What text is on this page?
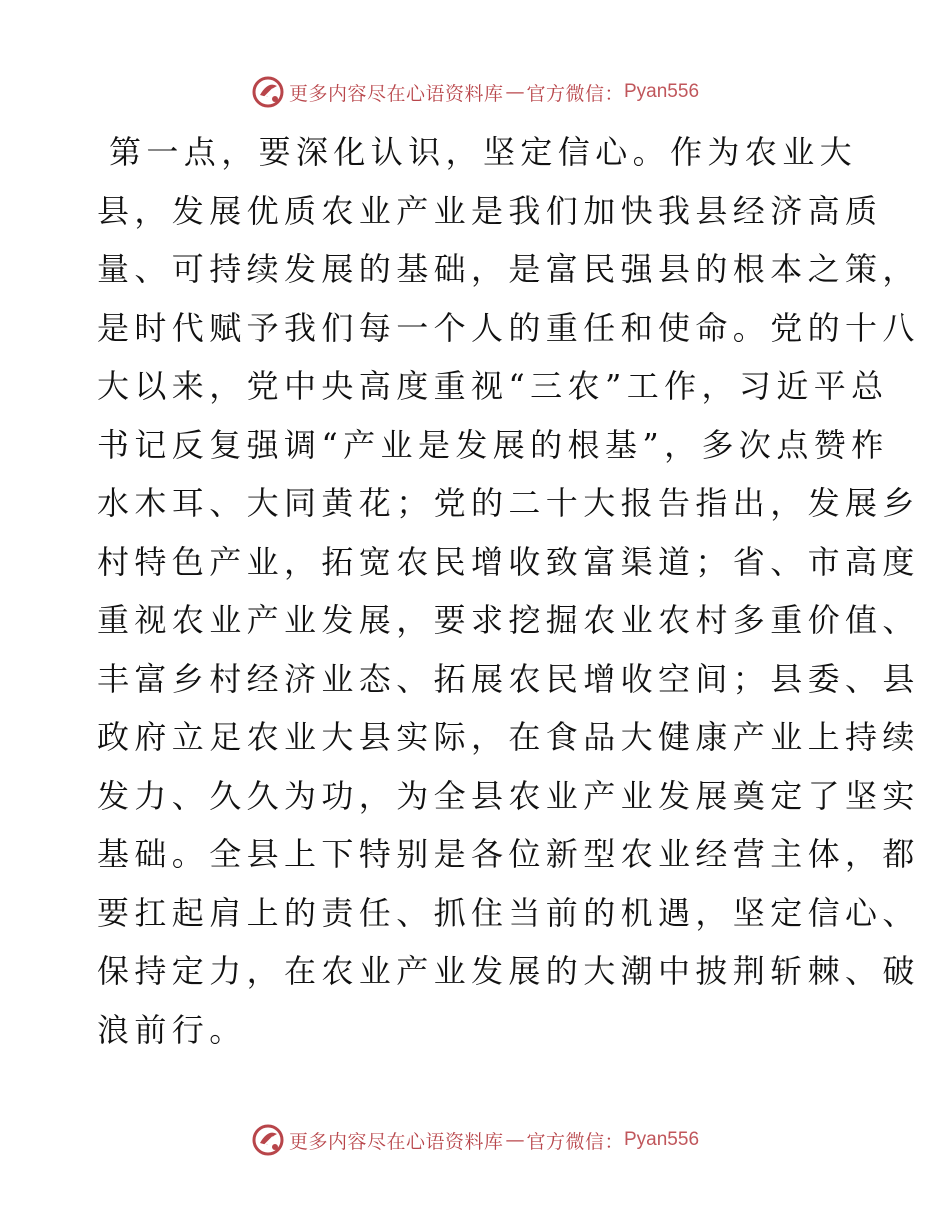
更多内容尽在心语资料库 — 官方微信： Pyan556
第一点，要深化认识，坚定信心。作为农业大
县，发展优质农业产业是我们加快我县经济高质
量、可持续发展的基础，是富民强县的根本之策，
是时代赋予我们每一个人的重任和使命。党的十八
大以来，党中央高度重视“三农”工作，习近平总
书记反复强调“产业是发展的根基”，多次点赞柞
水木耳、大同黄花；党的二十大报告指出，发展乡
村特色产业，拓宽农民增收致富渠道；省、市高度
重视农业产业发展，要求挖掘农业农村多重价值、
丰富乡村经济业态、拓展农民增收空间；县委、县
政府立足农业大县实际，在食品大健康产业上持续
发力、久久为功，为全县农业产业发展奠定了坚实
基础。全县上下特别是各位新型农业经营主体，都
要扛起肩上的责任、抓住当前的机遇，坚定信心、
保持定力，在农业产业发展的大潮中披荆斩棘、破
浪前行。
更多内容尽在心语资料库 — 官方微信： Pyan556
